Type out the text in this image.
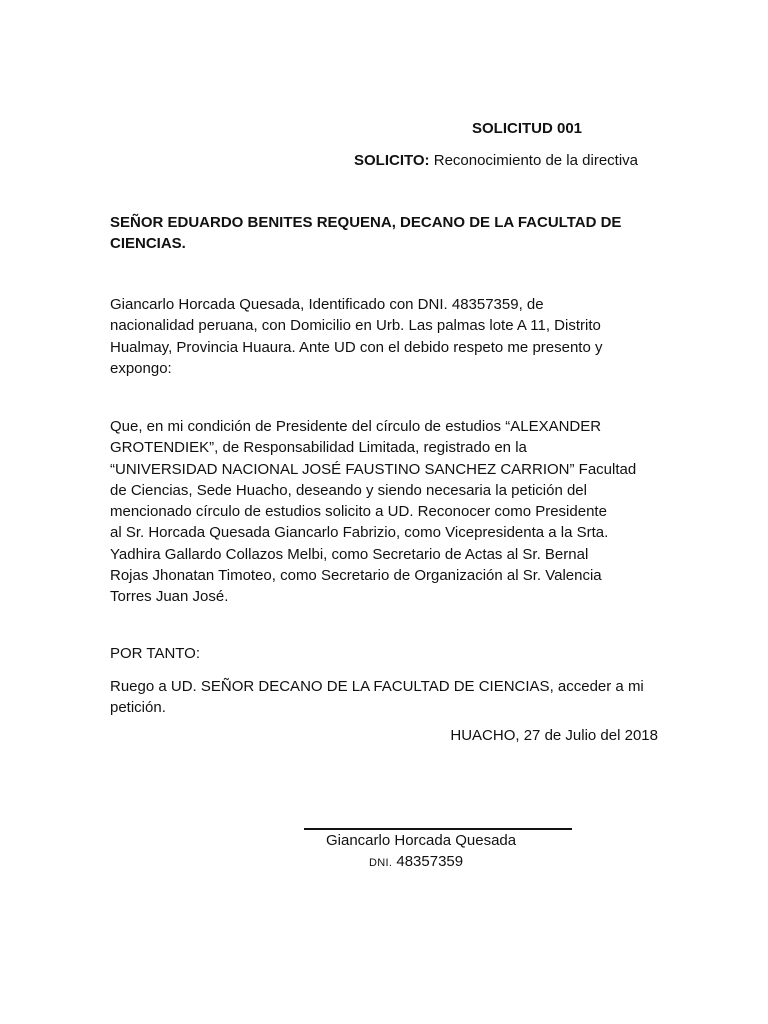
SOLICITUD 001
SOLICITO: Reconocimiento de la directiva
SEÑOR EDUARDO BENITES REQUENA, DECANO DE LA FACULTAD DE
CIENCIAS.
Giancarlo Horcada Quesada, Identificado con DNI. 48357359, de
nacionalidad peruana, con Domicilio en Urb. Las palmas lote A 11, Distrito
Hualmay, Provincia Huaura. Ante UD con el debido respeto me presento y
expongo:
Que, en mi condición de Presidente del círculo de estudios “ALEXANDER
GROTENDIEK”, de Responsabilidad Limitada, registrado en la
“UNIVERSIDAD NACIONAL JOSÉ FAUSTINO SANCHEZ CARRION” Facultad
de Ciencias, Sede Huacho, deseando y siendo necesaria la petición del
mencionado círculo de estudios solicito a UD. Reconocer como Presidente
al Sr. Horcada Quesada Giancarlo Fabrizio, como Vicepresidenta a la Srta.
Yadhira Gallardo Collazos Melbi, como Secretario de Actas al Sr. Bernal
Rojas Jhonatan Timoteo, como Secretario de Organización al Sr. Valencia
Torres Juan José.
POR TANTO:
Ruego a UD. SEÑOR DECANO DE LA FACULTAD DE CIENCIAS, acceder a mi
petición.
HUACHO, 27 de Julio del 2018
Giancarlo Horcada Quesada
DNI. 48357359
